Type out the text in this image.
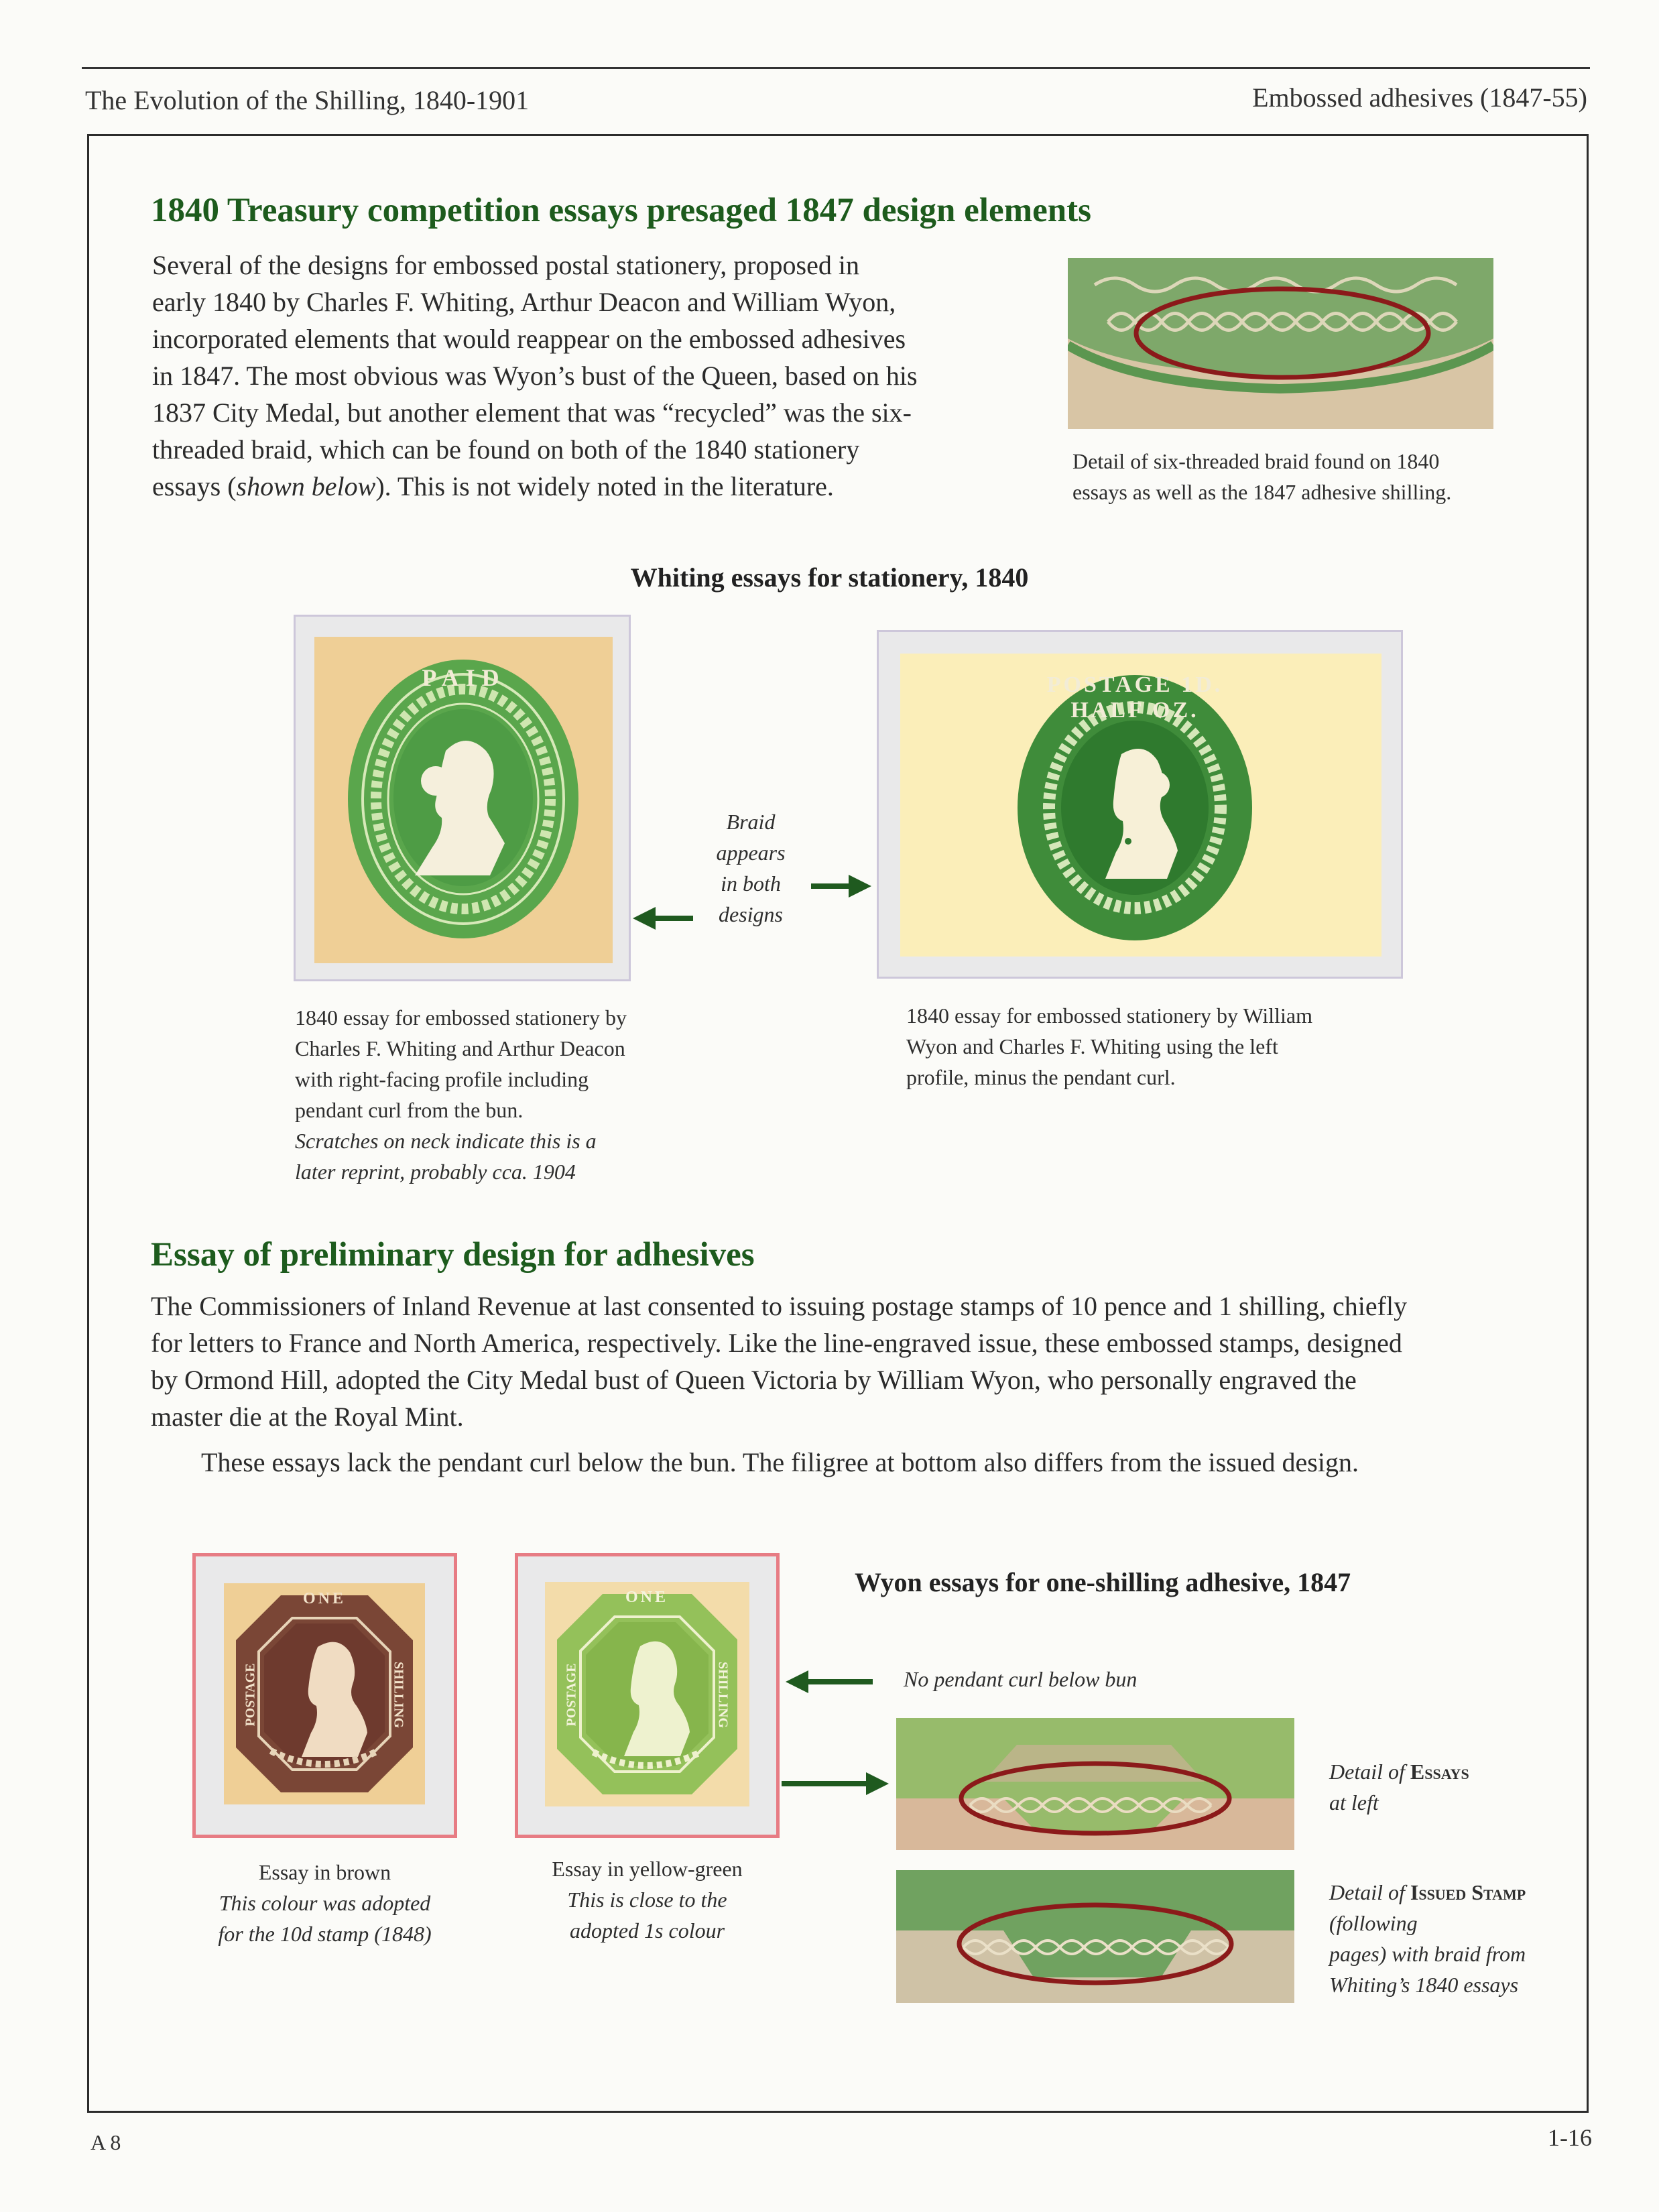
The Evolution of the Shilling, 1840-1901	Embossed adhesives (1847-55)
1840 Treasury competition essays presaged 1847 design elements
Several of the designs for embossed postal stationery, proposed in
early 1840 by Charles F. Whiting, Arthur Deacon and William Wyon,
incorporated elements that would reappear on the embossed adhesives
in 1847. The most obvious was Wyon’s bust of the Queen, based on his
1837 City Medal, but another element that was “recycled” was the six-
threaded braid, which can be found on both of the 1840 stationery
essays (shown below). This is not widely noted in the literature.
Detail of six-threaded braid found on 1840
essays as well as the 1847 adhesive shilling.
Whiting essays for stationery, 1840
PAID
Braid
appears
in both
designs
POSTAGE 1D. HALF OZ.
1840 essay for embossed stationery by
Charles F. Whiting and Arthur Deacon
with right-facing profile including
pendant curl from the bun.
Scratches on neck indicate this is a
later reprint, probably cca. 1904
1840 essay for embossed stationery by William
Wyon and Charles F. Whiting using the left
profile, minus the pendant curl.
Essay of preliminary design for adhesives
The Commissioners of Inland Revenue at last consented to issuing postage stamps of 10 pence and 1 shilling, chiefly
for letters to France and North America, respectively. Like the line-engraved issue, these embossed stamps, designed
by Ormond Hill, adopted the City Medal bust of Queen Victoria by William Wyon, who personally engraved the
master die at the Royal Mint.
These essays lack the pendant curl below the bun. The filigree at bottom also differs from the issued design.
Wyon essays for one-shilling adhesive, 1847
ONE
POSTAGE	SHILLING
ONE
POSTAGE	SHILLING
Essay in brown
This colour was adopted
for the 10d stamp (1848)
Essay in yellow-green
This is close to the
adopted 1s colour
No pendant curl below bun
Detail of Essays
at left
Detail of Issued Stamp (following
pages) with braid from
Whiting’s 1840 essays
A 8	1-16
